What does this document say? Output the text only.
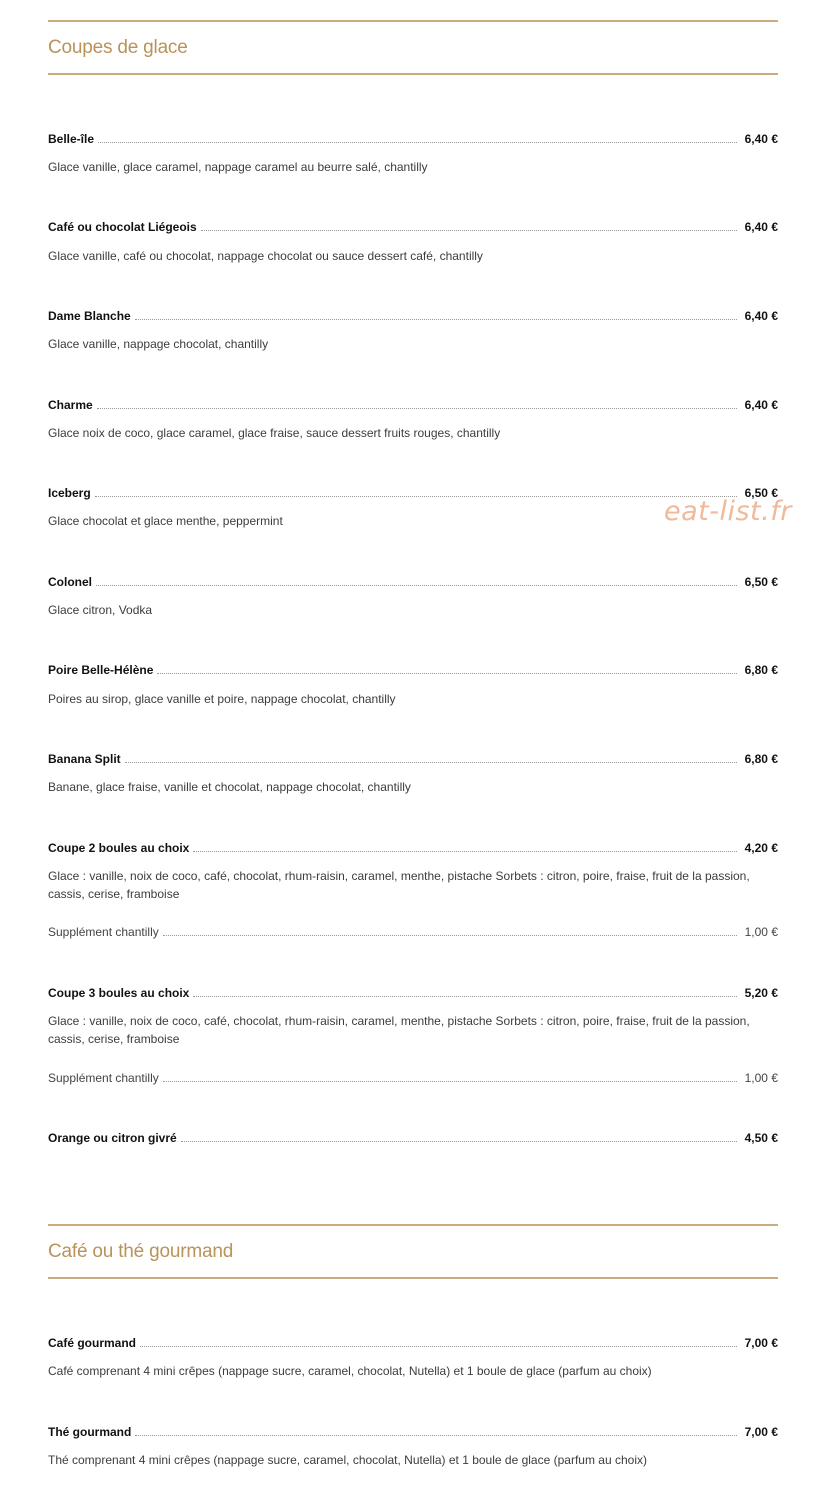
Coupes de glace
Belle-île	6,40 €

Glace vanille, glace caramel, nappage caramel au beurre salé, chantilly

Café ou chocolat Liégeois	6,40 €

Glace vanille, café ou chocolat, nappage chocolat ou sauce dessert café, chantilly

Dame Blanche	6,40 €

Glace vanille, nappage chocolat, chantilly

Charme	6,40 €

Glace noix de coco, glace caramel, glace fraise, sauce dessert fruits rouges, chantilly

Iceberg	6,50 €

Glace chocolat et glace menthe, peppermint

Colonel	6,50 €

Glace citron, Vodka

Poire Belle-Hélène	6,80 €

Poires au sirop, glace vanille et poire, nappage chocolat, chantilly

Banana Split	6,80 €

Banane, glace fraise, vanille et chocolat, nappage chocolat, chantilly

Coupe 2 boules au choix	4,20 €

Glace : vanille, noix de coco, café, chocolat, rhum-raisin, caramel, menthe, pistache Sorbets : citron, poire, fraise, fruit de la passion, cassis, cerise, framboise

Supplément chantilly	1,00 €
Coupe 3 boules au choix	5,20 €

Glace : vanille, noix de coco, café, chocolat, rhum-raisin, caramel, menthe, pistache Sorbets : citron, poire, fraise, fruit de la passion, cassis, cerise, framboise

Supplément chantilly	1,00 €
Orange ou citron givré	4,50 €
Café ou thé gourmand
Café gourmand	7,00 €

Café comprenant 4 mini crêpes (nappage sucre, caramel, chocolat, Nutella) et 1 boule de glace (parfum au choix)

Thé gourmand	7,00 €

Thé comprenant 4 mini crêpes (nappage sucre, caramel, chocolat, Nutella) et 1 boule de glace (parfum au choix)

eat-list.fr
